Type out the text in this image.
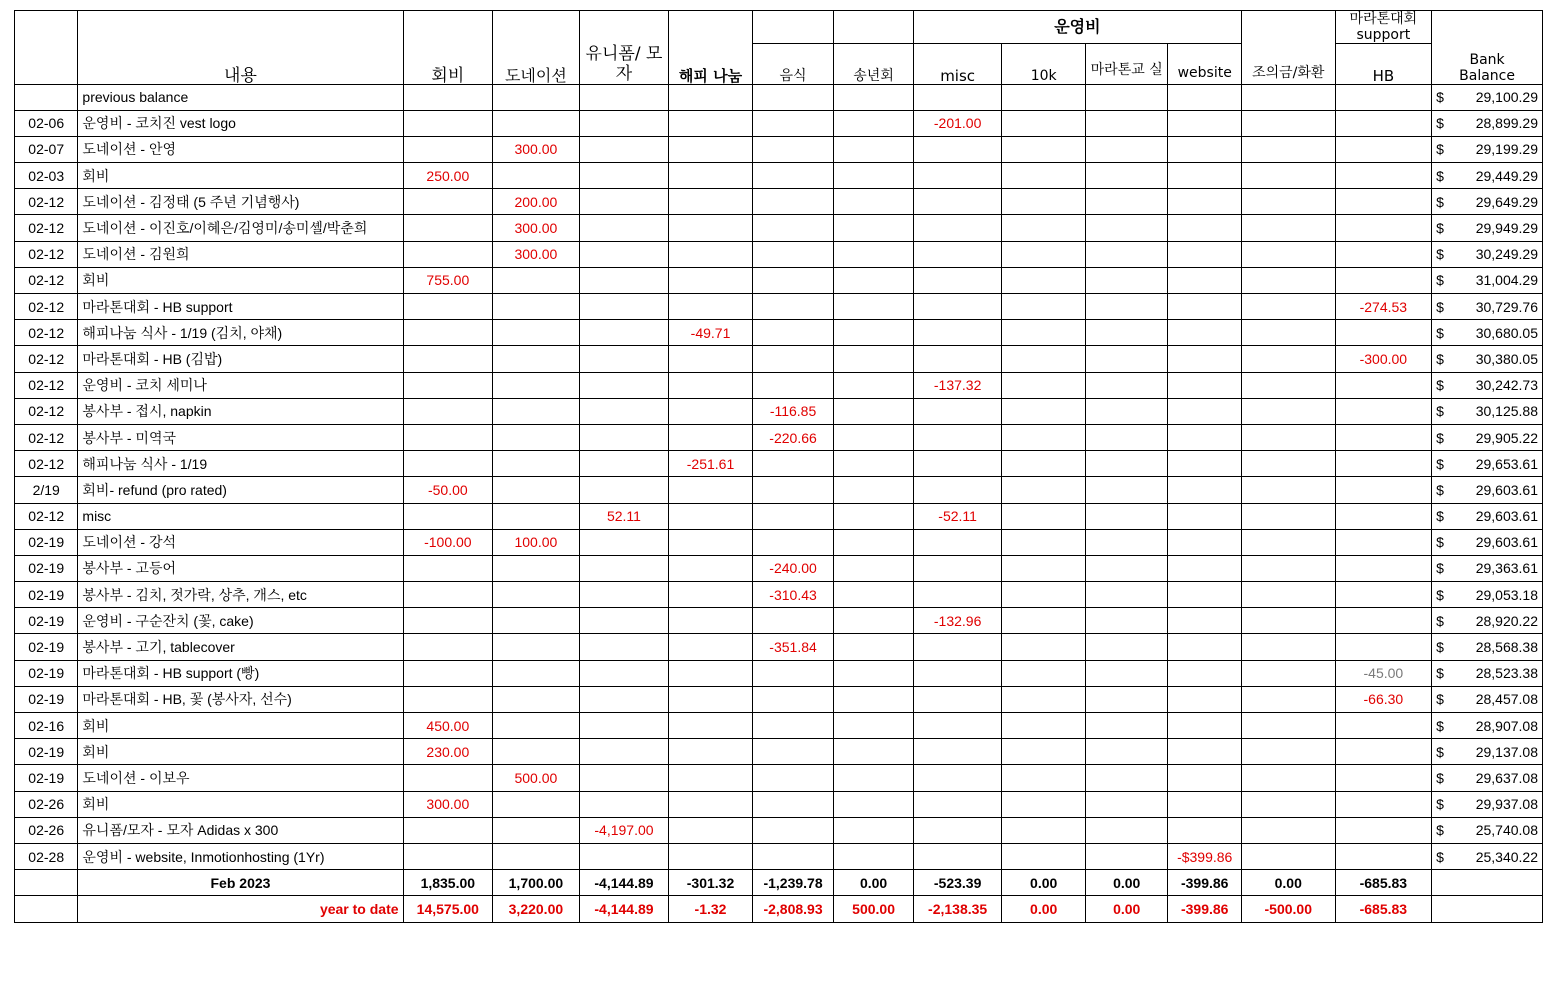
								운영비					마라톤대회 support	
	내용	회비	도네이션	유니폼/ 모자	해피 나눔	음식	송년회	misc	10k	마라톤교 실	website	조의금/화환	HB	Bank
Balance

	previous balance													$ 29,100.29

02-06	운영비 - 코치진 vest logo							-201.00						$ 28,899.29

02-07	도네이션 - 안영		300.00											$ 29,199.29

02-03	회비	250.00												$ 29,449.29

02-12	도네이션 - 김정태 (5 주년 기념행사)		200.00											$ 29,649.29

02-12	도네이션 - 이진호/이혜은/김영미/송미셸/박춘희		300.00											$ 29,949.29

02-12	도네이션 - 김원희		300.00											$ 30,249.29

02-12	회비	755.00												$ 31,004.29

02-12	마라톤대회 - HB support												-274.53	$ 30,729.76

02-12	해피나눔 식사 - 1/19 (김치, 야채)				-49.71									$ 30,680.05

02-12	마라톤대회 - HB (김밥)												-300.00	$ 30,380.05

02-12	운영비 - 코치 세미나							-137.32						$ 30,242.73

02-12	봉사부 - 접시, napkin					-116.85								$ 30,125.88

02-12	봉사부 - 미역국					-220.66								$ 29,905.22

02-12	해피나눔 식사 - 1/19				-251.61									$ 29,653.61

2/19	회비- refund (pro rated)	-50.00												$ 29,603.61

02-12	misc			52.11				-52.11						$ 29,603.61

02-19	도네이션 - 강석	-100.00	100.00											$ 29,603.61

02-19	봉사부 - 고등어					-240.00								$ 29,363.61

02-19	봉사부 - 김치, 젓가락, 상추, 개스, etc					-310.43								$ 29,053.18

02-19	운영비 - 구순잔치 (꽃, cake)							-132.96						$ 28,920.22

02-19	봉사부 - 고기, tablecover					-351.84								$ 28,568.38

02-19	마라톤대회 - HB support (빵)												-45.00	$ 28,523.38

02-19	마라톤대회 - HB, 꽃 (봉사자, 선수)												-66.30	$ 28,457.08

02-16	회비	450.00												$ 28,907.08

02-19	회비	230.00												$ 29,137.08

02-19	도네이션 - 이보우		500.00											$ 29,637.08

02-26	회비	300.00												$ 29,937.08

02-26	유니폼/모자 - 모자 Adidas x 300			-4,197.00										$ 25,740.08

02-28	운영비 - website, Inmotionhosting (1Yr)										-$399.86			$ 25,340.22

	Feb 2023	1,835.00	1,700.00	-4,144.89	-301.32	-1,239.78	0.00	-523.39	0.00	0.00	-399.86	0.00	-685.83	
	year to date	14,575.00	3,220.00	-4,144.89	-1.32	-2,808.93	500.00	-2,138.35	0.00	0.00	-399.86	-500.00	-685.83	
